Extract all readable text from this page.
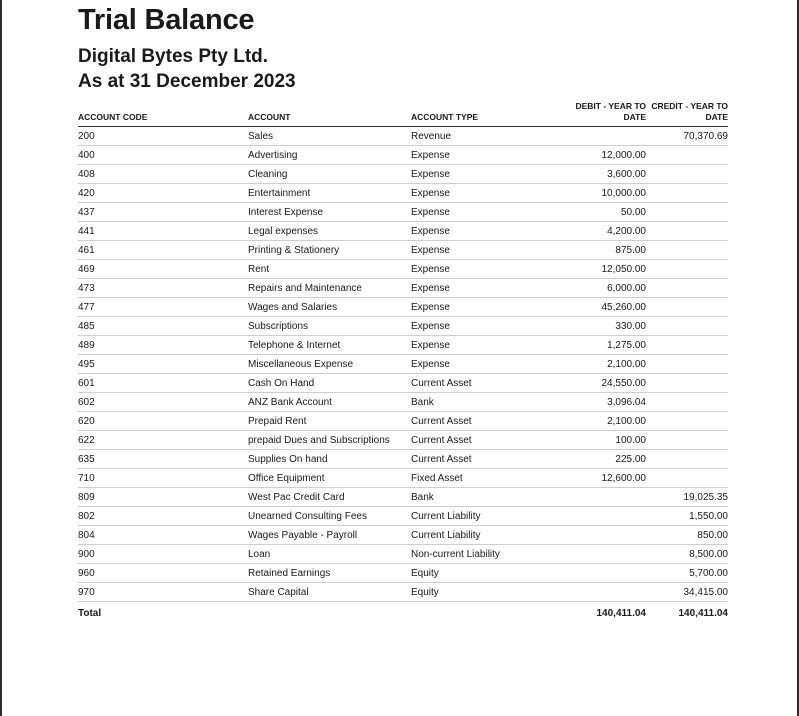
Trial Balance
Digital Bytes Pty Ltd.
As at 31 December 2023
ACCOUNT CODE	ACCOUNT	ACCOUNT TYPE	DEBIT - YEAR TO DATE	CREDIT - YEAR TO DATE
200	Sales	Revenue		70,370.69
400	Advertising	Expense	12,000.00	
408	Cleaning	Expense	3,600.00	
420	Entertainment	Expense	10,000.00	
437	Interest Expense	Expense	50.00	
441	Legal expenses	Expense	4,200.00	
461	Printing & Stationery	Expense	875.00	
469	Rent	Expense	12,050.00	
473	Repairs and Maintenance	Expense	6,000.00	
477	Wages and Salaries	Expense	45,260.00	
485	Subscriptions	Expense	330.00	
489	Telephone & Internet	Expense	1,275.00	
495	Miscellaneous Expense	Expense	2,100.00	
601	Cash On Hand	Current Asset	24,550.00	
602	ANZ Bank Account	Bank	3,096.04	
620	Prepaid Rent	Current Asset	2,100.00	
622	prepaid Dues and Subscriptions	Current Asset	100.00	
635	Supplies On hand	Current Asset	225.00	
710	Office Equipment	Fixed Asset	12,600.00	
809	West Pac Credit Card	Bank		19,025.35
802	Unearned Consulting Fees	Current Liability		1,550.00
804	Wages Payable - Payroll	Current Liability		850.00
900	Loan	Non-current Liability		8,500.00
960	Retained Earnings	Equity		5,700.00
970	Share Capital	Equity		34,415.00
Total			140,411.04	140,411.04
